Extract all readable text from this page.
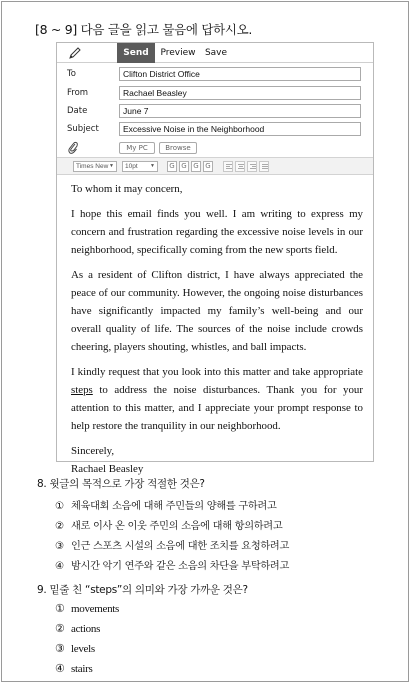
[8 ~ 9] 다음 글을 읽고 물음에 답하시오.
Send	Preview Save
To	Clifton District Office
From	Rachael Beasley
Date	June 7
Subject	Excessive Noise in the Neighborhood
My PC	Browse
Times New ▼	10pt ▼	G G G G

To whom it may concern,

I hope this email finds you well. I am writing to express my concern and frustration regarding the excessive noise levels in our neighborhood, specifically coming from the new sports field.

As a resident of Clifton district, I have always appreciated the peace of our community. However, the ongoing noise disturbances have significantly impacted my family’s well-being and our overall quality of life. The sources of the noise include crowds cheering, players shouting, whistles, and ball impacts.

I kindly request that you look into this matter and take appropriate steps to address the noise disturbances. Thank you for your attention to this matter, and I appreciate your prompt response to help restore the tranquility in our neighborhood.

Sincerely,
Rachael Beasley
8. 윗글의 목적으로 가장 적절한 것은?
① 체육대회 소음에 대해 주민들의 양해를 구하려고
② 새로 이사 온 이웃 주민의 소음에 대해 항의하려고
③ 인근 스포츠 시설의 소음에 대한 조치를 요청하려고
④ 밤시간 악기 연주와 같은 소음의 차단을 부탁하려고
9. 밑줄 친 “steps”의 의미와 가장 가까운 것은?
① movements
② actions
③ levels
④ stairs
